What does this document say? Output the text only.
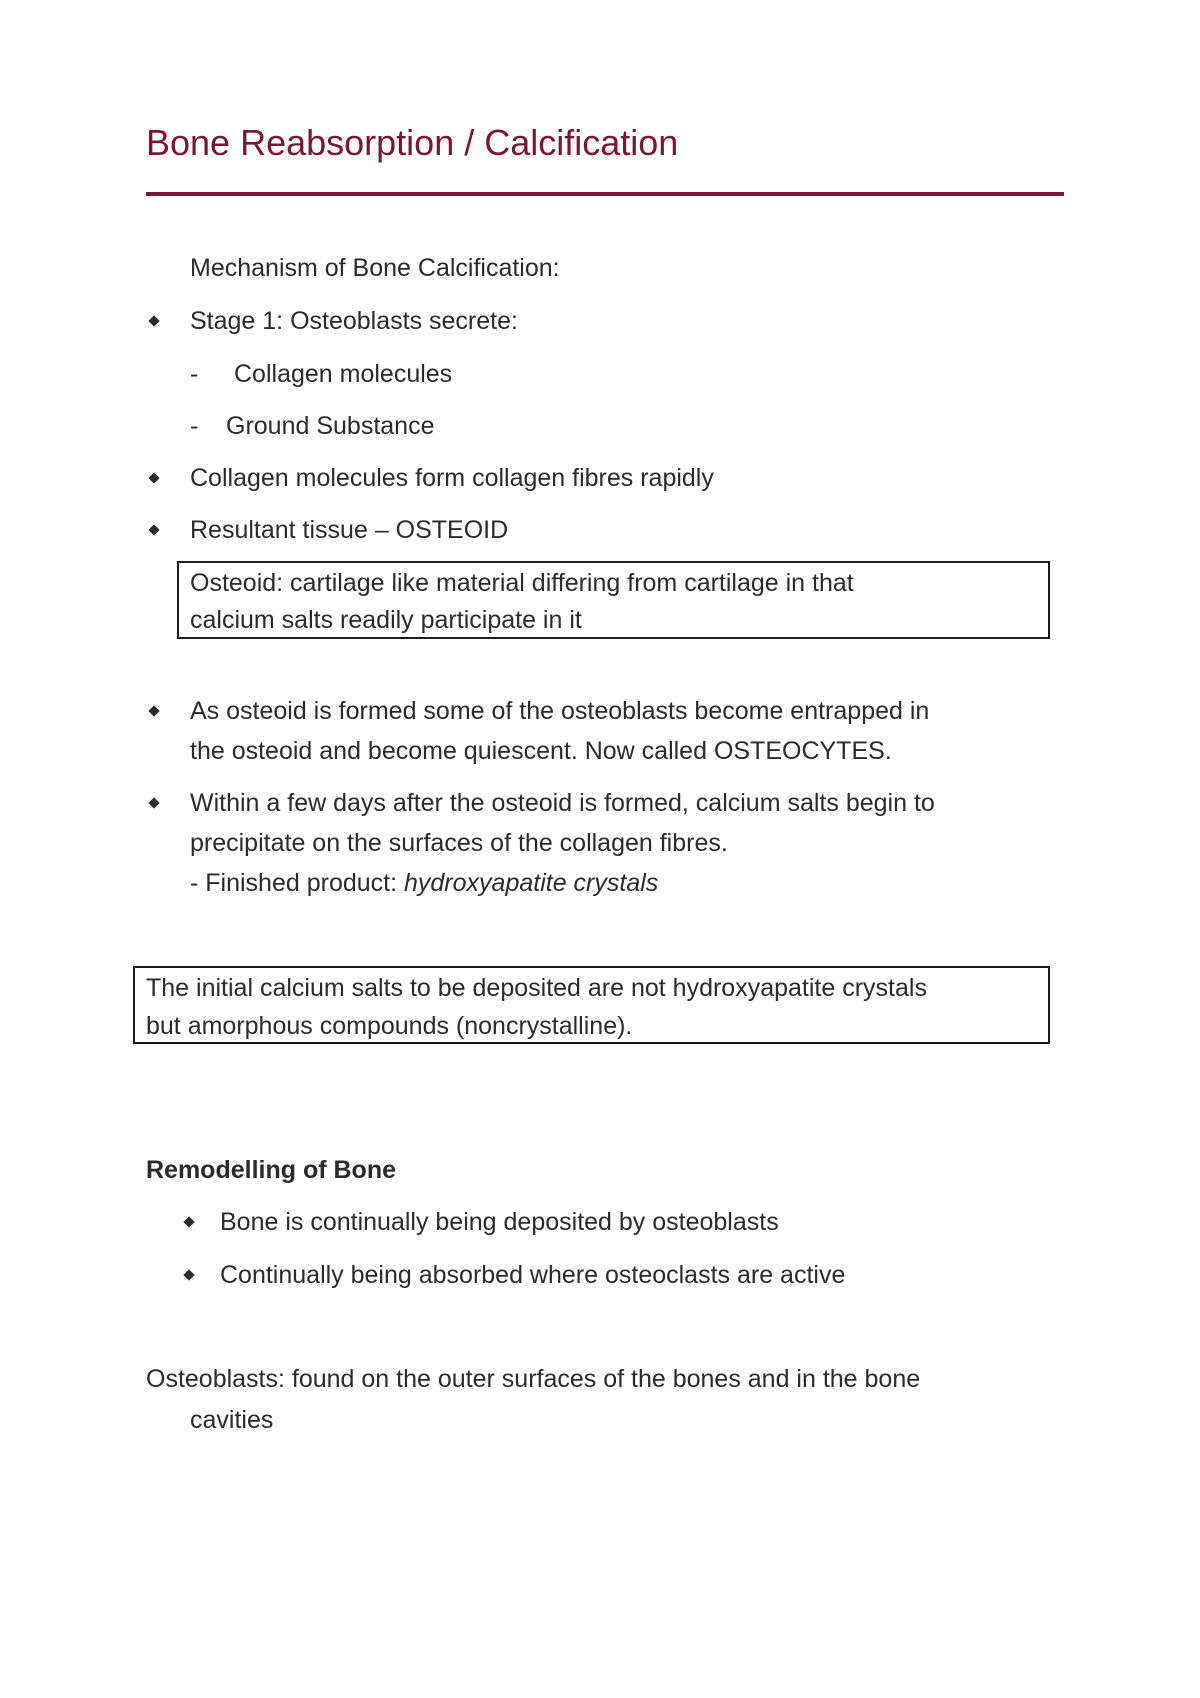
Bone Reabsorption / Calcification
Mechanism of Bone Calcification:
Stage 1: Osteoblasts secrete:
- Collagen molecules
- Ground Substance
Collagen molecules form collagen fibres rapidly
Resultant tissue – OSTEOID
Osteoid: cartilage like material differing from cartilage in that
calcium salts readily participate in it
As osteoid is formed some of the osteoblasts become entrapped in
the osteoid and become quiescent. Now called OSTEOCYTES.
Within a few days after the osteoid is formed, calcium salts begin to
precipitate on the surfaces of the collagen fibres.
- Finished product: hydroxyapatite crystals
The initial calcium salts to be deposited are not hydroxyapatite crystals
but amorphous compounds (noncrystalline).
Remodelling of Bone
Bone is continually being deposited by osteoblasts
Continually being absorbed where osteoclasts are active
Osteoblasts: found on the outer surfaces of the bones and in the bone
cavities
